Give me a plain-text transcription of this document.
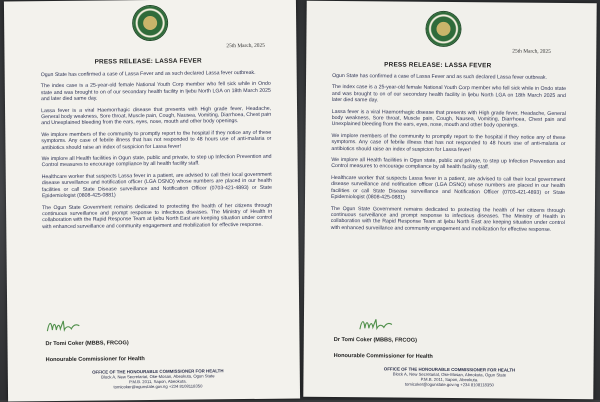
25th March, 2025
PRESS RELEASE: LASSA FEVER

Ogun State has confirmed a case of Lassa Fever and as such declared Lassa fever outbreak.

The index case is a 25-year-old female National Youth Corp member who fell sick while in Ondo state and was brought to on of our secondary health facility in Ijebu North LGA on 18th March 2025 and later died same day.

Lassa fever is a viral Haemorrhagic disease that presents with High grade fever, Headache, General body weakness, Sore throat, Muscle pain, Cough, Nausea, Vomiting, Diarrhoea, Chest pain and Unexplained bleeding from the ears, eyes, nose, mouth and other body openings.

We implore members of the community to promptly report to the hospital if they notice any of these symptoms. Any case of febrile illness that has not responded to 48 hours use of anti-malaria or antibiotics should raise an index of suspicion for Lassa fever!

We implore all Health facilities in Ogun state, public and private, to step up Infection Prevention and Control measures to encourage compliance by all health facility staff.

Healthcare worker that suspects Lassa fever in a patient, are advised to call their local government disease surveillance and notification officer (LGA DSNO) whose numbers are placed in our health facilities or call State Disease surveillance and Notification Officer (0703-421-4893) or State Epidemiologist (0808-425-0881)

The Ogun State Government remains dedicated to protecting the health of her citizens through continuous surveillance and prompt response to infectious diseases. The Ministry of Health in collaboration with the Rapid Response Team at Ijebu North East are keeping situation under control with enhanced surveillance and community engagement and mobilization for effective response.

Dr Tomi Coker (MBBS, FRCOG)
Honourable Commissioner for Health
OFFICE OF THE HONOURABLE COMMISSIONER FOR HEALTH
Block A, New Secretariat, Oke-Mosan, Abeokuta, Ogun State
P.M.B. 2011, Sapon, Abeokuta.
tomicoker@ogunstate.gov.ng +234 8108118350
25th March, 2025
PRESS RELEASE: LASSA FEVER

Ogun State has confirmed a case of Lassa Fever and as such declared Lassa fever outbreak.

The index case is a 25-year-old female National Youth Corp member who fell sick while in Ondo state and was brought to on of our secondary health facility in Ijebu North LGA on 18th March 2025 and later died same day.

Lassa fever is a viral Haemorrhagic disease that presents with High grade fever, Headache, General body weakness, Sore throat, Muscle pain, Cough, Nausea, Vomiting, Diarrhoea, Chest pain and Unexplained bleeding from the ears, eyes, nose, mouth and other body openings.

We implore members of the community to promptly report to the hospital if they notice any of these symptoms. Any case of febrile illness that has not responded to 48 hours use of anti-malaria or antibiotics should raise an index of suspicion for Lassa fever!

We implore all Health facilities in Ogun state, public and private, to step up Infection Prevention and Control measures to encourage compliance by all health facility staff.

Healthcare worker that suspects Lassa fever in a patient, are advised to call their local government disease surveillance and notification officer (LGA DSNO) whose numbers are placed in our health facilities or call State Disease surveillance and Notification Officer (0703-421-4893) or State Epidemiologist (0808-425-0881)

The Ogun State Government remains dedicated to protecting the health of her citizens through continuous surveillance and prompt response to infectious diseases. The Ministry of Health in collaboration with the Rapid Response Team at Ijebu North East are keeping situation under control with enhanced surveillance and community engagement and mobilization for effective response.

Dr Tomi Coker (MBBS, FRCOG)
Honourable Commissioner for Health
OFFICE OF THE HONOURABLE COMMISSIONER FOR HEALTH
Block A, New Secretariat, Oke-Mosan, Abeokuta, Ogun State
P.M.B. 2011, Sapon, Abeokuta.
tomicoker@ogunstate.gov.ng +234 8108118350
